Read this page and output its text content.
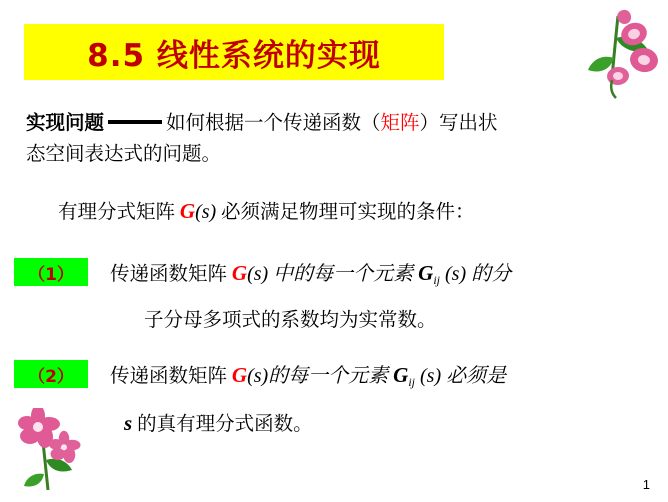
8.5 线性系统的实现
实现问题	如何根据一个传递函数（矩阵）写出状
态空间表达式的问题。
有理分式矩阵 G(s) 必须满足物理可实现的条件：
（1） 传递函数矩阵 G(s) 中的每一个元素 $G_{ij}$ (s) 的分
子分母多项式的系数均为实常数。
（2） 传递函数矩阵 G(s)的每一个元素 $G_{ij}$ (s) 必须是
s 的真有理分式函数。
1
